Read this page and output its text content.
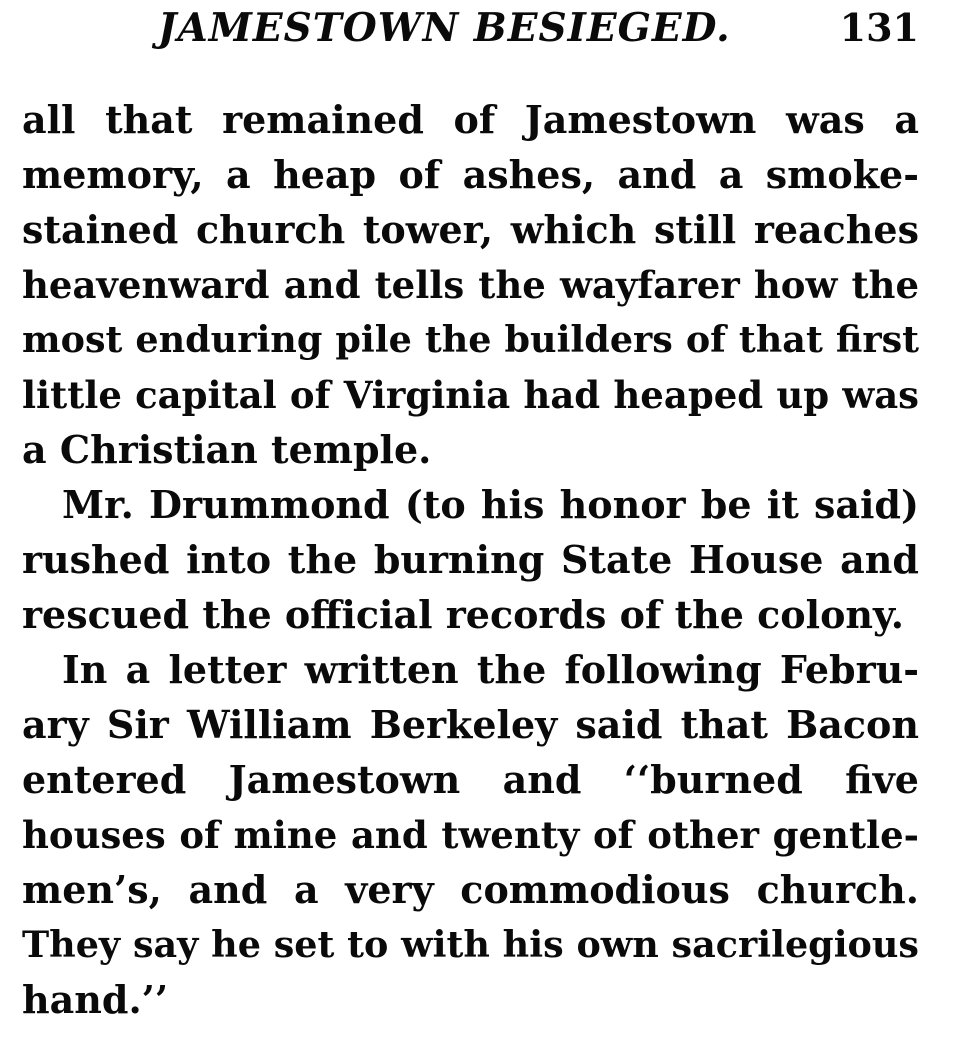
JAMESTOWN BESIEGED.	131
all that remained of Jamestown was a
memory, a heap of ashes, and a smoke-
stained church tower, which still reaches
heavenward and tells the wayfarer how the
most enduring pile the builders of that first
little capital of Virginia had heaped up was
a Christian temple.
Mr. Drummond (to his honor be it said)
rushed into the burning State House and
rescued the official records of the colony.
In a letter written the following Febru-
ary Sir William Berkeley said that Bacon
entered Jamestown and ‘‘burned five
houses of mine and twenty of other gentle-
men’s, and a very commodious church.
They say he set to with his own sacrilegious
hand.’’
